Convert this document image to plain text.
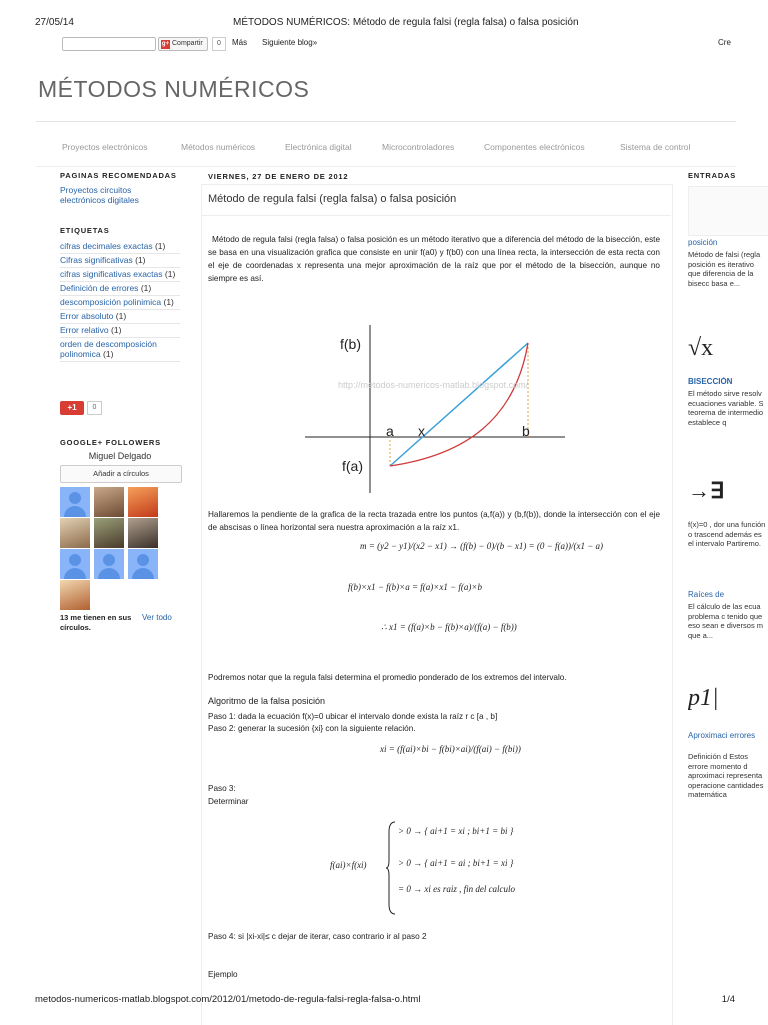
27/05/14	MÉTODOS NUMÉRICOS: Método de regula falsi (regla falsa) o falsa posición
g+ Compartir	0	Más Siguiente blog»	Cre
MÉTODOS NUMÉRICOS
Proyectos electrónicos	Métodos numéricos	Electrónica digital	Microcontroladores	Componentes electrónicos	Sistema de control
PAGINAS RECOMENDADAS
Proyectos circuitos electrónicos digitales
ETIQUETAS
cifras decimales exactas (1)
Cifras significativas (1)
cifras significativas exactas (1)
Definición de errores (1)
descomposición polinimica (1)
Error absoluto (1)
Error relativo (1)
orden de descomposición polinomica (1)
+1	0
GOOGLE+ FOLLOWERS
Miguel Delgado
Añadir a círculos
13 me tienen en sus círculos.
Ver todo
VIERNES, 27 DE ENERO DE 2012
Método de regula falsi (regla falsa) o falsa posición
Método de regula falsi (regla falsa) o falsa posición es un método iterativo que a diferencia del método de la bisección, este se basa en una visualización grafica que consiste en unir f(a0) y f(b0) con una línea recta, la intersección de esta recta con el eje de coordenadas x representa una mejor aproximación de la raíz que por el método de la bisección, aunque no siempre es así.
f(b)
f(a)
a x	b
http://metodos-numericos-matlab.blogspot.com/
Hallaremos la pendiente de la grafica de la recta trazada entre los puntos (a,f(a)) y (b,f(b)), donde la intersección con el eje de abscisas o línea horizontal sera nuestra aproximación a la raíz x1.
m = (y2 − y1)/(x2 − x1) → (f(b) − 0)/(b − x1) = (0 − f(a))/(x1 − a)
f(b)×x1 − f(b)×a = f(a)×x1 − f(a)×b
∴ x1 = (f(a)×b − f(b)×a)/(f(a) − f(b))
Podremos notar que la regula falsi determina el promedio ponderado de los extremos del intervalo.
Algoritmo de la falsa posición
Paso 1: dada la ecuación f(x)=0 ubicar el intervalo donde exista la raíz r c [a , b]
Paso 2: generar la sucesión {xi} con la siguiente relación.
xi = (f(ai)×bi − f(bi)×ai)/(f(ai) − f(bi))
Paso 3:
Determinar
f(ai)×f(xi)
> 0 → { ai+1 = xi ; bi+1 = bi }
> 0 → { ai+1 = ai ; bi+1 = xi }
= 0 → xi es raiz , fin del calculo
Paso 4: si |xi-xi|≤ c dejar de iterar, caso contrario ir al paso 2
Ejemplo
ENTRADAS
posición
Método de falsi (regla posición es iterativo que diferencia de la bisecc basa e...
√x
BISECCIÓN
El método sirve resolv ecuaciones variable. S teorema de intermedio establece q
→∃
f(x)=0 , dor una función o trascend además es el intervalo Partiremo.
Raíces de
El cálculo de las ecua problema c tenido que eso sean e diversos m que a...
p1|
Aproximaci errores
Definición d Estos errore momento d aproximaci representa operacione cantidades matemática
metodos-numericos-matlab.blogspot.com/2012/01/metodo-de-regula-falsi-regla-falsa-o.html	1/4
